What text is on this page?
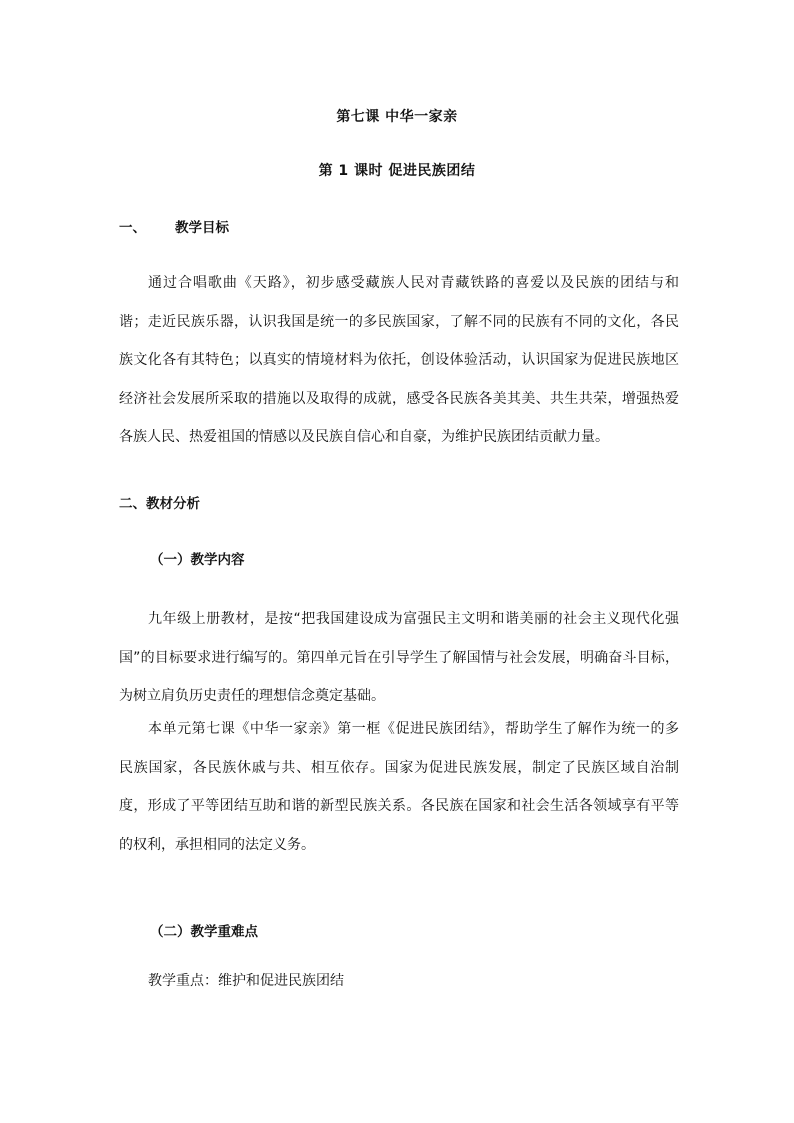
第七课 中华一家亲
第 1 课时 促进民族团结
一、 教学目标
通过合唱歌曲《天路》，初步感受藏族人民对青藏铁路的喜爱以及民族的团结与和
谐；走近民族乐器，认识我国是统一的多民族国家，了解不同的民族有不同的文化，各民
族文化各有其特色；以真实的情境材料为依托，创设体验活动，认识国家为促进民族地区
经济社会发展所采取的措施以及取得的成就，感受各民族各美其美、共生共荣，增强热爱
各族人民、热爱祖国的情感以及民族自信心和自豪，为维护民族团结贡献力量。
二、教材分析
（一）教学内容
九年级上册教材，是按“把我国建设成为富强民主文明和谐美丽的社会主义现代化强
国”的目标要求进行编写的。第四单元旨在引导学生了解国情与社会发展，明确奋斗目标，
为树立肩负历史责任的理想信念奠定基础。
本单元第七课《中华一家亲》第一框《促进民族团结》，帮助学生了解作为统一的多
民族国家，各民族休戚与共、相互依存。国家为促进民族发展，制定了民族区域自治制
度，形成了平等团结互助和谐的新型民族关系。各民族在国家和社会生活各领域享有平等
的权利，承担相同的法定义务。
（二）教学重难点
教学重点：维护和促进民族团结
